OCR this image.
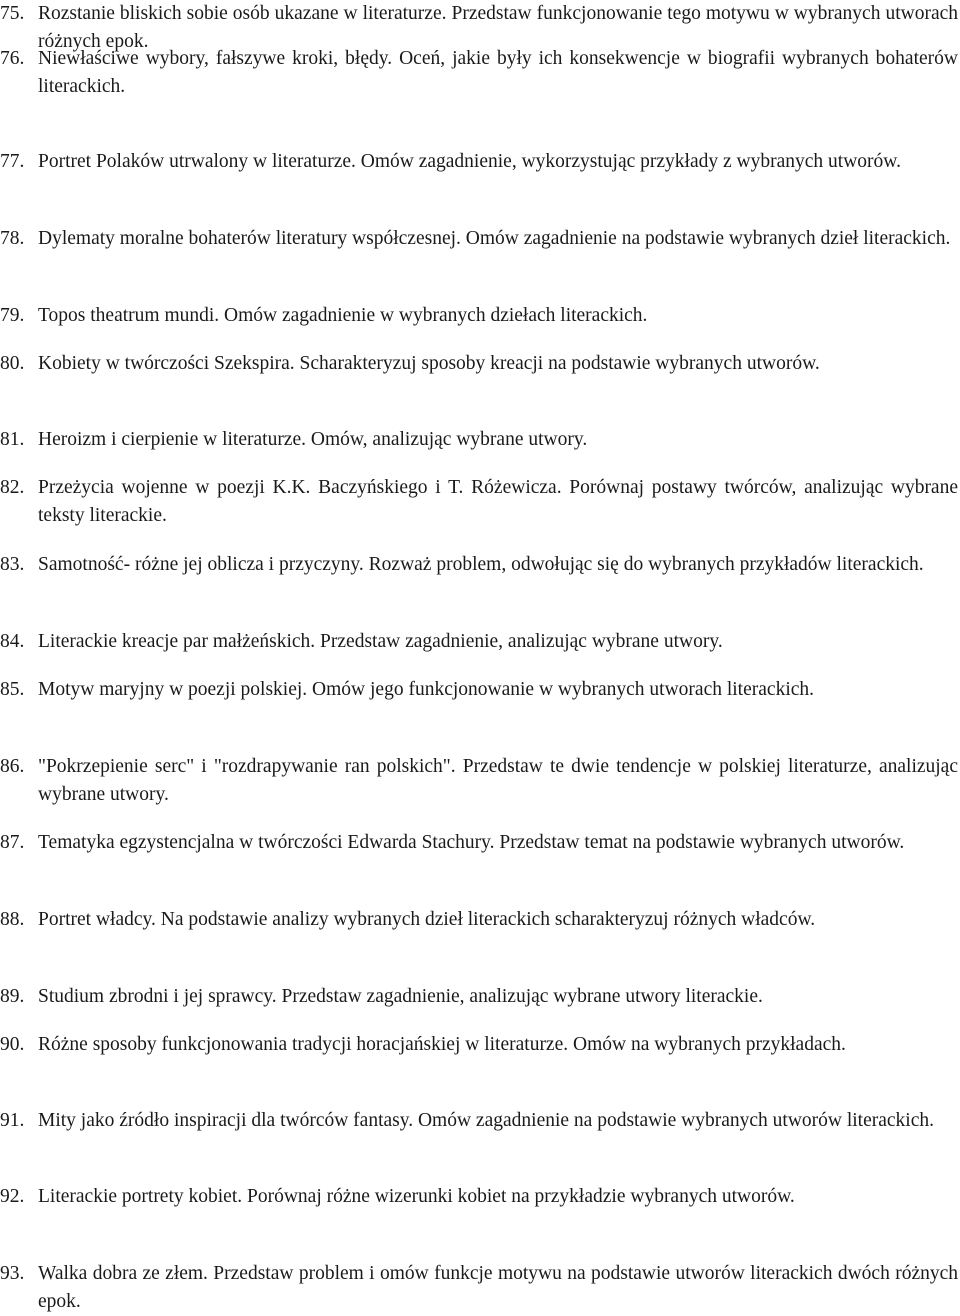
75. Rozstanie bliskich sobie osób ukazane w literaturze. Przedstaw funkcjonowanie tego motywu w wybranych utworach różnych epok.
76. Niewłaściwe wybory, fałszywe kroki, błędy. Oceń, jakie były ich konsekwencje w biografii wybranych bohaterów literackich.
77. Portret Polaków utrwalony w literaturze. Omów zagadnienie, wykorzystując przykłady z wybranych utworów.
78. Dylematy moralne bohaterów literatury współczesnej. Omów zagadnienie na podstawie wybranych dzieł literackich.
79. Topos theatrum mundi. Omów zagadnienie w wybranych dziełach literackich.
80. Kobiety w twórczości Szekspira. Scharakteryzuj sposoby kreacji na podstawie wybranych utworów.
81. Heroizm i cierpienie w literaturze. Omów, analizując wybrane utwory.
82. Przeżycia wojenne w poezji K.K. Baczyńskiego i T. Różewicza. Porównaj postawy twórców, analizując wybrane teksty literackie.
83. Samotność- różne jej oblicza i przyczyny. Rozważ problem, odwołując się do wybranych przykładów literackich.
84. Literackie kreacje par małżeńskich. Przedstaw zagadnienie, analizując wybrane utwory.
85. Motyw maryjny w poezji polskiej. Omów jego funkcjonowanie w wybranych utworach literackich.
86. "Pokrzepienie serc" i "rozdrapywanie ran polskich". Przedstaw te dwie tendencje w polskiej literaturze, analizując wybrane utwory.
87. Tematyka egzystencjalna w twórczości Edwarda Stachury. Przedstaw temat na podstawie wybranych utworów.
88. Portret władcy. Na podstawie analizy wybranych dzieł literackich scharakteryzuj różnych władców.
89. Studium zbrodni i jej sprawcy. Przedstaw zagadnienie, analizując wybrane utwory literackie.
90. Różne sposoby funkcjonowania tradycji horacjańskiej w literaturze. Omów na wybranych przykładach.
91. Mity jako źródło inspiracji dla twórców fantasy. Omów zagadnienie na podstawie wybranych utworów literackich.
92. Literackie portrety kobiet. Porównaj różne wizerunki kobiet na przykładzie wybranych utworów.
93. Walka dobra ze złem. Przedstaw problem i omów funkcje motywu na podstawie utworów literackich dwóch różnych epok.
